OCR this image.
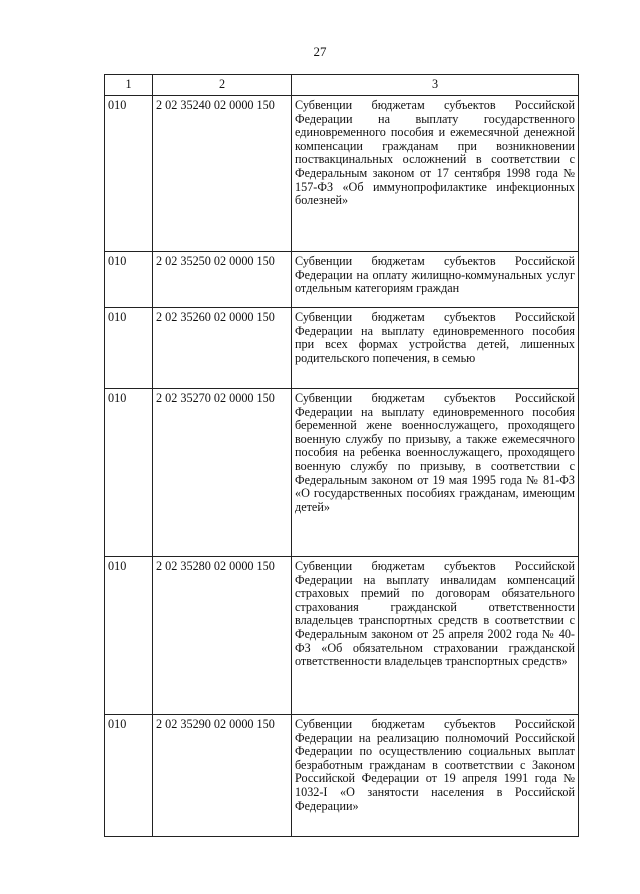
27
1	2	3
010	2 02 35240 02 0000 150	Субвенции бюджетам субъектов Российской Федерации на выплату государственного единовременного пособия и ежемесячной денежной компенсации гражданам при возникновении поствакцинальных осложнений в соответствии с Федеральным законом от 17 сентября 1998 года № 157-ФЗ «Об иммунопрофилактике инфекционных болезней»
010	2 02 35250 02 0000 150	Субвенции бюджетам субъектов Российской Федерации на оплату жилищно-коммунальных услуг отдельным категориям граждан
010	2 02 35260 02 0000 150	Субвенции бюджетам субъектов Российской Федерации на выплату единовременного пособия при всех формах устройства детей, лишенных родительского попечения, в семью
010	2 02 35270 02 0000 150	Субвенции бюджетам субъектов Российской Федерации на выплату единовременного пособия беременной жене военнослужащего, проходящего военную службу по призыву, а также ежемесячного пособия на ребенка военнослужащего, проходящего военную службу по призыву, в соответствии с Федеральным законом от 19 мая 1995 года № 81-ФЗ «О государственных пособиях гражданам, имеющим детей»
010	2 02 35280 02 0000 150	Субвенции бюджетам субъектов Российской Федерации на выплату инвалидам компенсаций страховых премий по договорам обязательного страхования гражданской ответственности владельцев транспортных средств в соответствии с Федеральным законом от 25 апреля 2002 года № 40-ФЗ «Об обязательном страховании гражданской ответственности владельцев транспортных средств»
010	2 02 35290 02 0000 150	Субвенции бюджетам субъектов Российской Федерации на реализацию полномочий Российской Федерации по осуществлению социальных выплат безработным гражданам в соответствии с Законом Российской Федерации от 19 апреля 1991 года № 1032-I «О занятости населения в Российской Федерации»
